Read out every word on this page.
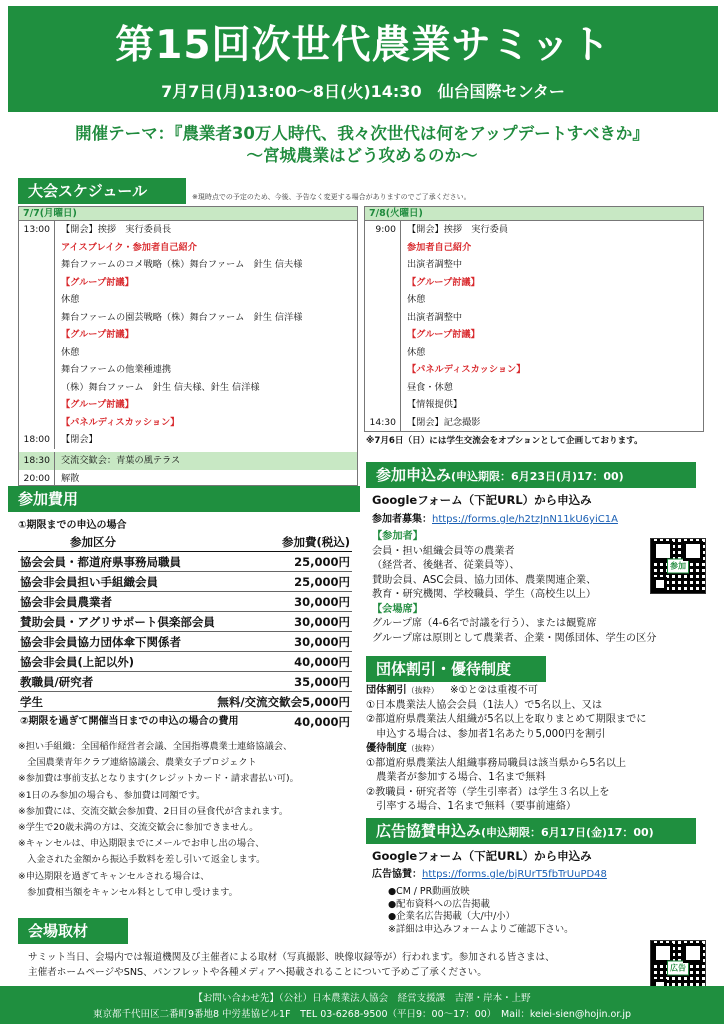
第15回次世代農業サミット
7月7日(月)13:00〜8日(火)14:30　仙台国際センター
開催テーマ：『農業者30万人時代、我々次世代は何をアップデートすべきか』
〜宮城農業はどう攻めるのか〜
大会スケジュール	※現時点での予定のため、今後、予告なく変更する場合がありますのでご了承ください。
7/7(月曜日)
13:00	【開会】挨拶　実行委員長
アイスブレイク・参加者自己紹介
舞台ファームのコメ戦略（株）舞台ファーム　針生 信夫様
【グループ討議】
休憩
舞台ファームの園芸戦略（株）舞台ファーム　針生 信洋様
【グループ討議】
休憩
舞台ファームの他業種連携
（株）舞台ファーム　針生 信夫様、針生 信洋様
【グループ討議】
【パネルディスカッション】
18:00	【閉会】
18:30	交流交歓会：青葉の風テラス
20:00	解散
7/8(火曜日)
9:00	【開会】挨拶　実行委員
参加者自己紹介
出演者調整中
【グループ討議】
休憩
出演者調整中
【グループ討議】
休憩
【パネルディスカッション】
昼食・休憩
【情報提供】
14:30	【閉会】記念撮影
※7月6日（日）には学生交流会をオプションとして企画しております。
参加費用
①期限までの申込の場合
参加区分	参加費(税込)
協会会員・都道府県事務局職員	25,000円
協会非会員担い手組織会員	25,000円
協会非会員農業者	30,000円
賛助会員・アグリサポート倶楽部会員	30,000円
協会非会員協力団体傘下関係者	30,000円
協会非会員(上記以外)	40,000円
教職員/研究者	35,000円
学生	無料/交流交歓会5,000円
②期限を過ぎて開催当日までの申込の場合の費用	40,000円
※担い手組織：全国稲作経営者会議、全国指導農業士連絡協議会、
　全国農業青年クラブ連絡協議会、農業女子プロジェクト
※参加費は事前支払となります(クレジットカード・請求書払い可)。
※1日のみ参加の場合も、参加費は同額です。
※参加費には、交流交歓会参加費、2日目の昼食代が含まれます。
※学生で20歳未満の方は、交流交歓会に参加できません。
※キャンセルは、申込期限までにメールでお申し出の場合、
　入金された金額から振込手数料を差し引いて返金します。
※申込期限を過ぎてキャンセルされる場合は、
　参加費相当額をキャンセル料として申し受けます。
参加申込み(申込期限：6月23日(月)17：00)
Googleフォーム（下記URL）から申込み
参加者募集：https://forms.gle/h2tzJnN11kU6yiC1A
【参加者】
会員・担い組織会員等の農業者
（経営者、後継者、従業員等）、
賛助会員、ASC会員、協力団体、農業関連企業、
教育・研究機関、学校職員、学生（高校生以上）
【会場席】
グループ席（4-6名で討議を行う）、または観覧席
グループ席は原則として農業者、企業・関係団体、学生の区分
参加
団体割引・優待制度
団体割引（抜粋） ※①と②は重複不可
①日本農業法人協会会員（1法人）で5名以上、又は
②都道府県農業法人組織が5名以上を取りまとめて期限までに
　申込する場合は、参加者1名あたり5,000円を割引
優待制度（抜粋）
①都道府県農業法人組織事務局職員は該当県から5名以上
　農業者が参加する場合、1名まで無料
②教職員・研究者等（学生引率者）は学生３名以上を
　引率する場合、1名まで無料（要事前連絡）
広告協賛申込み(申込期限：6月17日(金)17：00)
Googleフォーム（下記URL）から申込み
広告協賛：https://forms.gle/bjRUrT5fbTrUuPD48
●CM / PR動画放映
●配布資料への広告掲載
●企業名広告掲載（大/中/小）
※詳細は申込みフォームよりご確認下さい。
広告
会場取材
サミット当日、会場内では報道機関及び主催者による取材（写真撮影、映像収録等が）行われます。参加される皆さまは、
主催者ホームページやSNS、パンフレットや各種メディアへ掲載されることについて予めご了承ください。
【お問い合わせ先】（公社）日本農業法人協会　経営支援課　吉澤・岸本・上野
東京都千代田区二番町9番地8 中労基協ビル1F　TEL 03-6268-9500（平日9：00〜17：00）　Mail：keiei-sien@hojin.or.jp
